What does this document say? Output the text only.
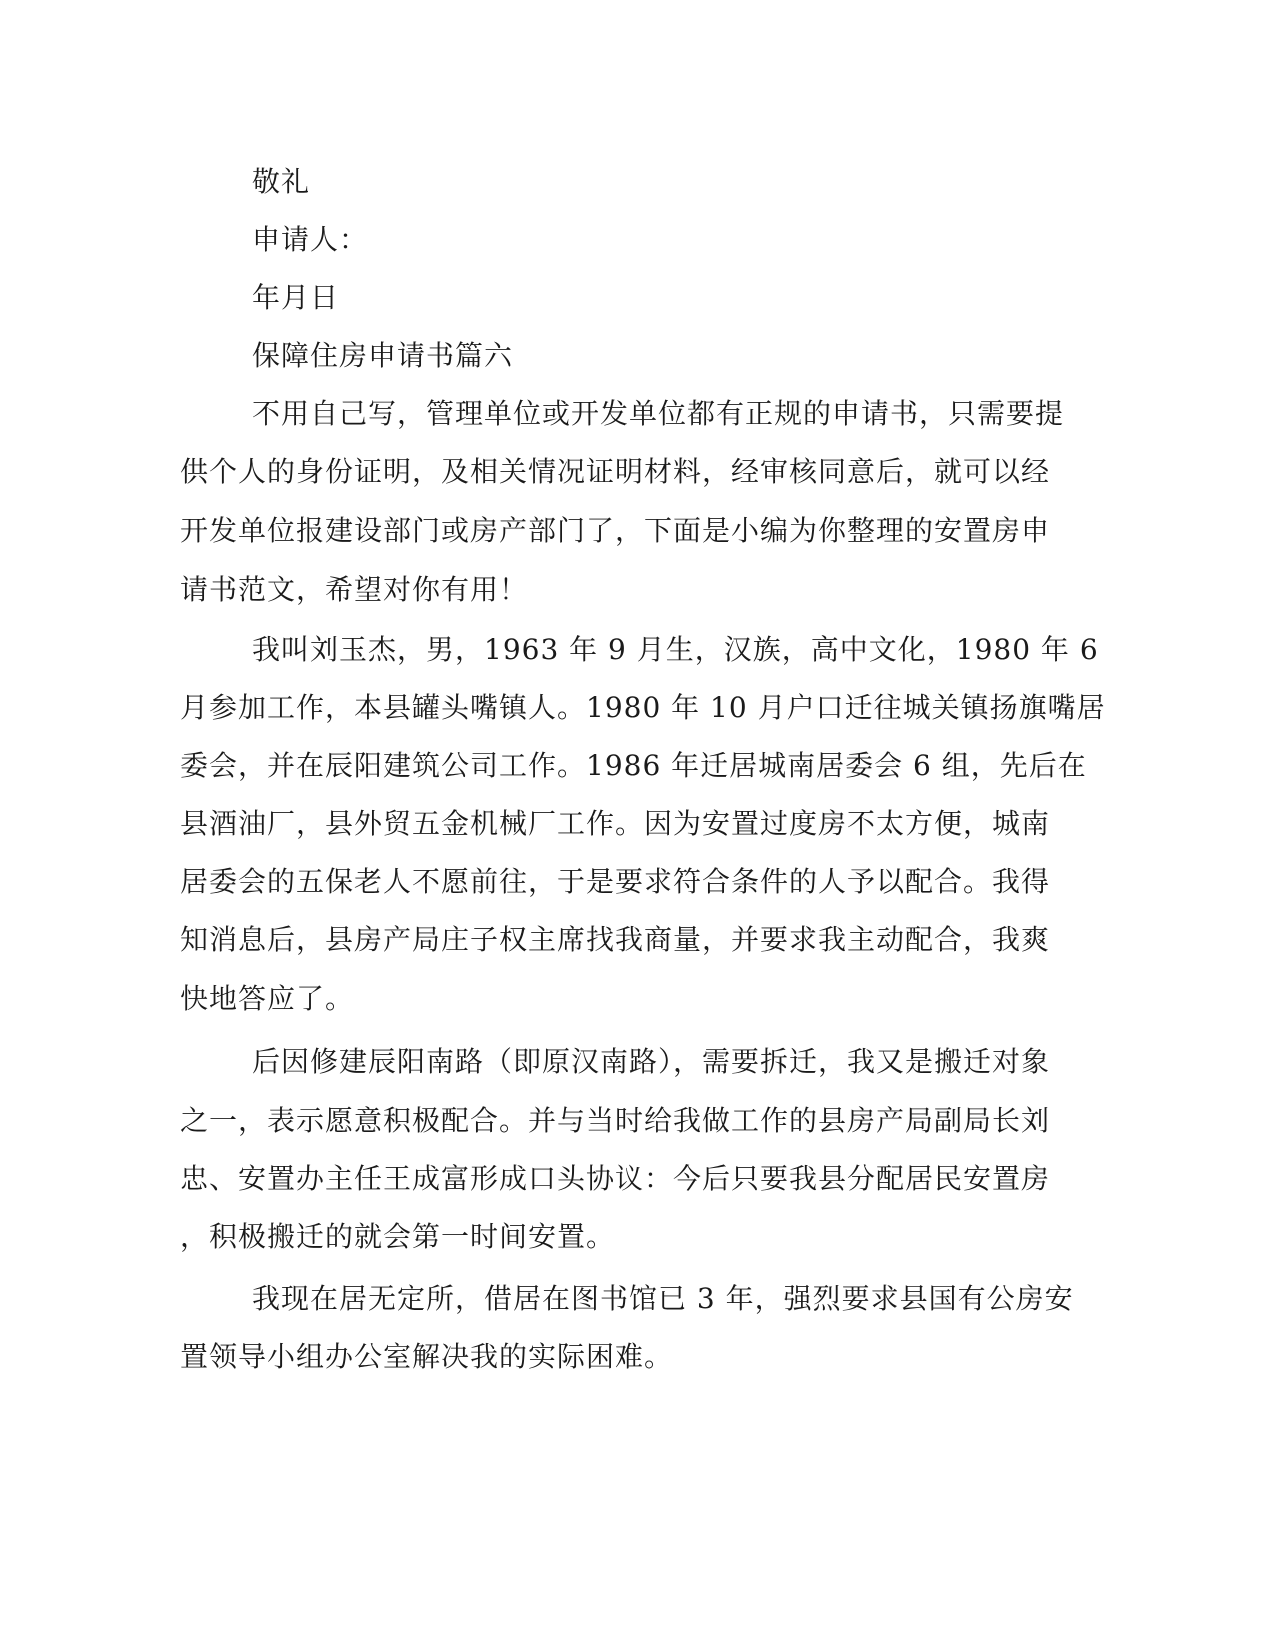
敬礼
申请人：
年月日
保障住房申请书篇六
不用自己写，管理单位或开发单位都有正规的申请书，只需要提
供个人的身份证明，及相关情况证明材料，经审核同意后，就可以经
开发单位报建设部门或房产部门了，下面是小编为你整理的安置房申
请书范文，希望对你有用！
我叫刘玉杰，男，1963 年 9 月生，汉族，高中文化，1980 年 6
月参加工作，本县罐头嘴镇人。1980 年 10 月户口迁往城关镇扬旗嘴居
委会，并在辰阳建筑公司工作。1986 年迁居城南居委会 6 组，先后在
县酒油厂，县外贸五金机械厂工作。因为安置过度房不太方便，城南
居委会的五保老人不愿前往，于是要求符合条件的人予以配合。我得
知消息后，县房产局庄子权主席找我商量，并要求我主动配合，我爽
快地答应了。
后因修建辰阳南路（即原汉南路），需要拆迁，我又是搬迁对象
之一，表示愿意积极配合。并与当时给我做工作的县房产局副局长刘
忠、安置办主任王成富形成口头协议：今后只要我县分配居民安置房
，积极搬迁的就会第一时间安置。
我现在居无定所，借居在图书馆已 3 年，强烈要求县国有公房安
置领导小组办公室解决我的实际困难。
